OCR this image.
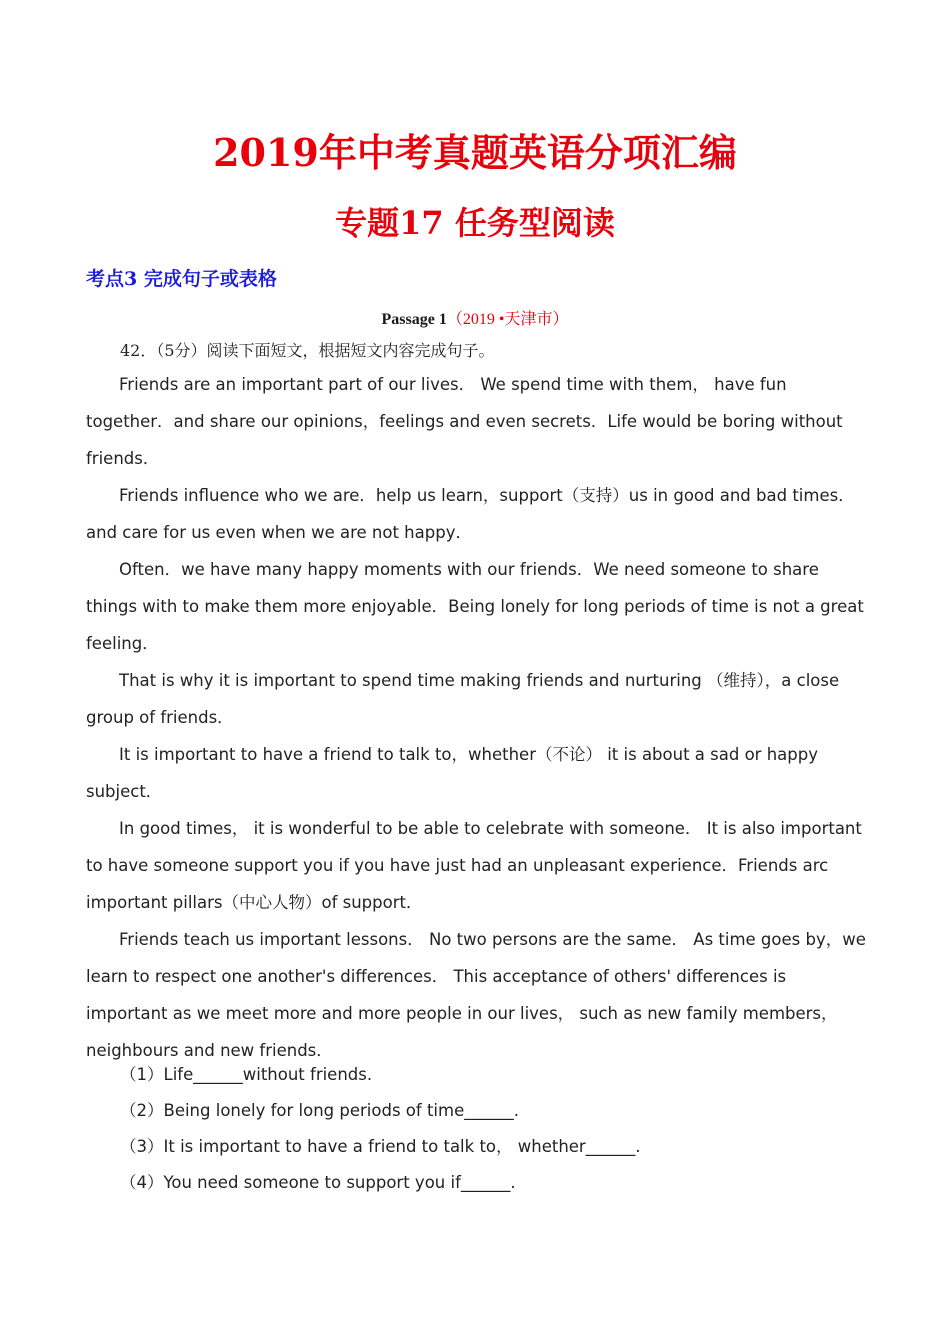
2019年中考真题英语分项汇编
专题17 任务型阅读
考点3 完成句子或表格
Passage 1（2019 •天津市）
42．（5分）阅读下面短文，根据短文内容完成句子。

Friends are an important part of our lives． We spend time with them， have fun together．and share our opinions，feelings and even secrets．Life would be boring without friends．

Friends influence who we are．help us learn，support（支持）us in good and bad times．and care for us even when we are not happy．

Often．we have many happy moments with our friends．We need someone to share things with to make them more enjoyable．Being lonely for long periods of time is not a great feeling．

That is why it is important to spend time making friends and nurturing （维持），a close group of friends．

It is important to have a friend to talk to，whether（不论） it is about a sad or happy subject．

In good times， it is wonderful to be able to celebrate with someone． It is also important to have someone support you if you have just had an unpleasant experience．Friends arc important pillars（中心人物）of support．

Friends teach us important lessons． No two persons are the same． As time goes by，we learn to respect one another's differences． This acceptance of others' differences is important as we meet more and more people in our lives， such as new family members，neighbours and new friends．

（1）Life______without friends.
（2）Being lonely for long periods of time______.
（3）It is important to have a friend to talk to， whether______.
（4）You need someone to support you if______.
